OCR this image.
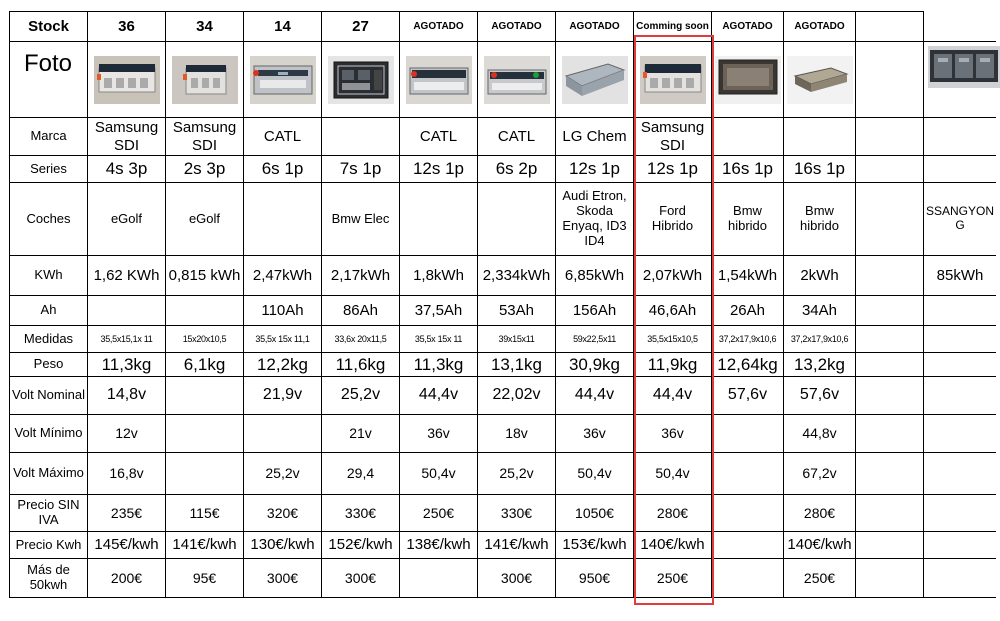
Stock	36	34	14	27	AGOTADO	AGOTADO	AGOTADO	Comming soon	AGOTADO	AGOTADO		
Foto	

Marca	Samsung SDI	Samsung SDI	CATL		CATL	CATL	LG Chem	Samsung SDI				
Series	4s 3p	2s 3p	6s 1p	7s 1p	12s 1p	6s 2p	12s 1p	12s 1p	16s 1p	16s 1p		
Coches	eGolf	eGolf		Bmw Elec			Audi Etron, Skoda Enyaq, ID3 ID4	Ford Hibrido	Bmw hibrido	Bmw hibrido		SSANGYON G
KWh	1,62 KWh	0,815 kWh	2,47kWh	2,17kWh	1,8kWh	2,334kWh	6,85kWh	2,07kWh	1,54kWh	2kWh		85kWh
Ah			110Ah	86Ah	37,5Ah	53Ah	156Ah	46,6Ah	26Ah	34Ah		
Medidas	35,5x15,1x 11	15x20x10,5	35,5x 15x 11,1	33,6x 20x11,5	35,5x 15x 11	39x15x11	59x22,5x11	35,5x15x10,5	37,2x17,9x10,6	37,2x17,9x10,6		
Peso	11,3kg	6,1kg	12,2kg	11,6kg	11,3kg	13,1kg	30,9kg	11,9kg	12,64kg	13,2kg		
Volt Nominal	14,8v		21,9v	25,2v	44,4v	22,02v	44,4v	44,4v	57,6v	57,6v		
Volt Mínimo	12v			21v	36v	18v	36v	36v		44,8v		
Volt Máximo	16,8v		25,2v	29,4	50,4v	25,2v	50,4v	50,4v		67,2v		
Precio SIN IVA	235€	115€	320€	330€	250€	330€	1050€	280€		280€		
Precio Kwh	145€/kwh	141€/kwh	130€/kwh	152€/kwh	138€/kwh	141€/kwh	153€/kwh	140€/kwh		140€/kwh		
Más de 50kwh	200€	95€	300€	300€		300€	950€	250€		250€		
